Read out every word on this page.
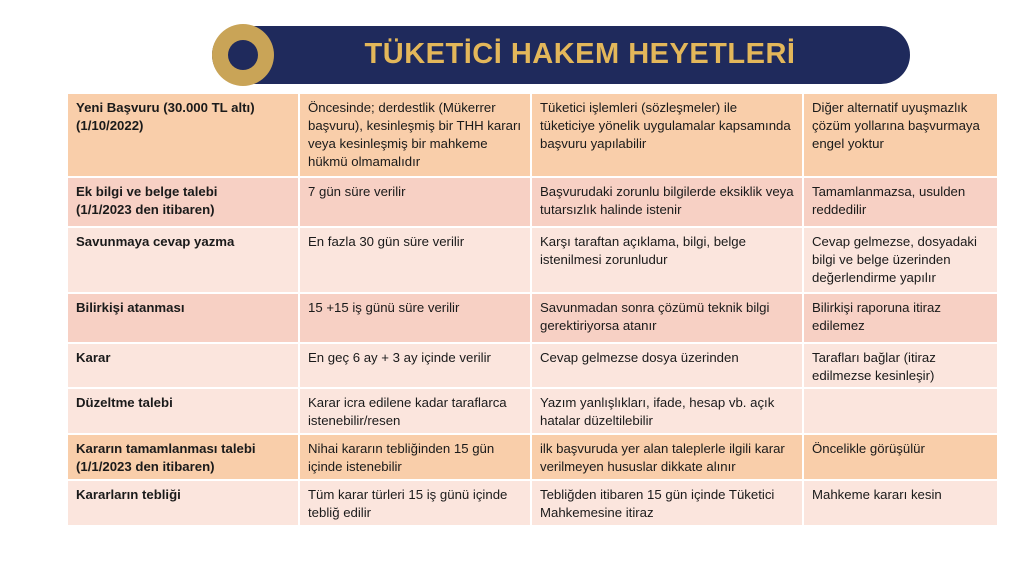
TÜKETİCİ HAKEM HEYETLERİ
Yeni Başvuru (30.000 TL altı)
(1/10/2022)	Öncesinde; derdestlik (Mükerrer başvuru), kesinleşmiş bir THH kararı veya kesinleşmiş bir mahkeme hükmü olmamalıdır	Tüketici işlemleri (sözleşmeler) ile tüketiciye yönelik uygulamalar kapsamında başvuru yapılabilir	Diğer alternatif uyuşmazlık çözüm yollarına başvurmaya engel yoktur
Ek bilgi ve belge talebi
(1/1/2023 den itibaren)	7 gün süre verilir	Başvurudaki zorunlu bilgilerde eksiklik veya tutarsızlık halinde istenir	Tamamlanmazsa, usulden reddedilir
Savunmaya cevap yazma	En fazla 30 gün süre verilir	Karşı taraftan açıklama, bilgi, belge istenilmesi zorunludur	Cevap gelmezse, dosyadaki bilgi ve belge üzerinden değerlendirme yapılır
Bilirkişi atanması	15 +15 iş günü süre verilir	Savunmadan sonra çözümü teknik bilgi gerektiriyorsa atanır	Bilirkişi raporuna itiraz edilemez
Karar	En geç 6 ay + 3 ay içinde verilir	Cevap gelmezse dosya üzerinden	Tarafları bağlar (itiraz edilmezse kesinleşir)
Düzeltme talebi	Karar icra edilene kadar taraflarca istenebilir/resen	Yazım yanlışlıkları, ifade, hesap vb. açık hatalar düzeltilebilir	
Kararın tamamlanması talebi
(1/1/2023 den itibaren)	Nihai kararın tebliğinden 15 gün içinde istenebilir	ilk başvuruda yer alan taleplerle ilgili karar verilmeyen hususlar dikkate alınır	Öncelikle görüşülür
Kararların tebliği	Tüm karar türleri 15 iş günü içinde tebliğ edilir	Tebliğden itibaren 15 gün içinde Tüketici Mahkemesine itiraz	Mahkeme kararı kesin
